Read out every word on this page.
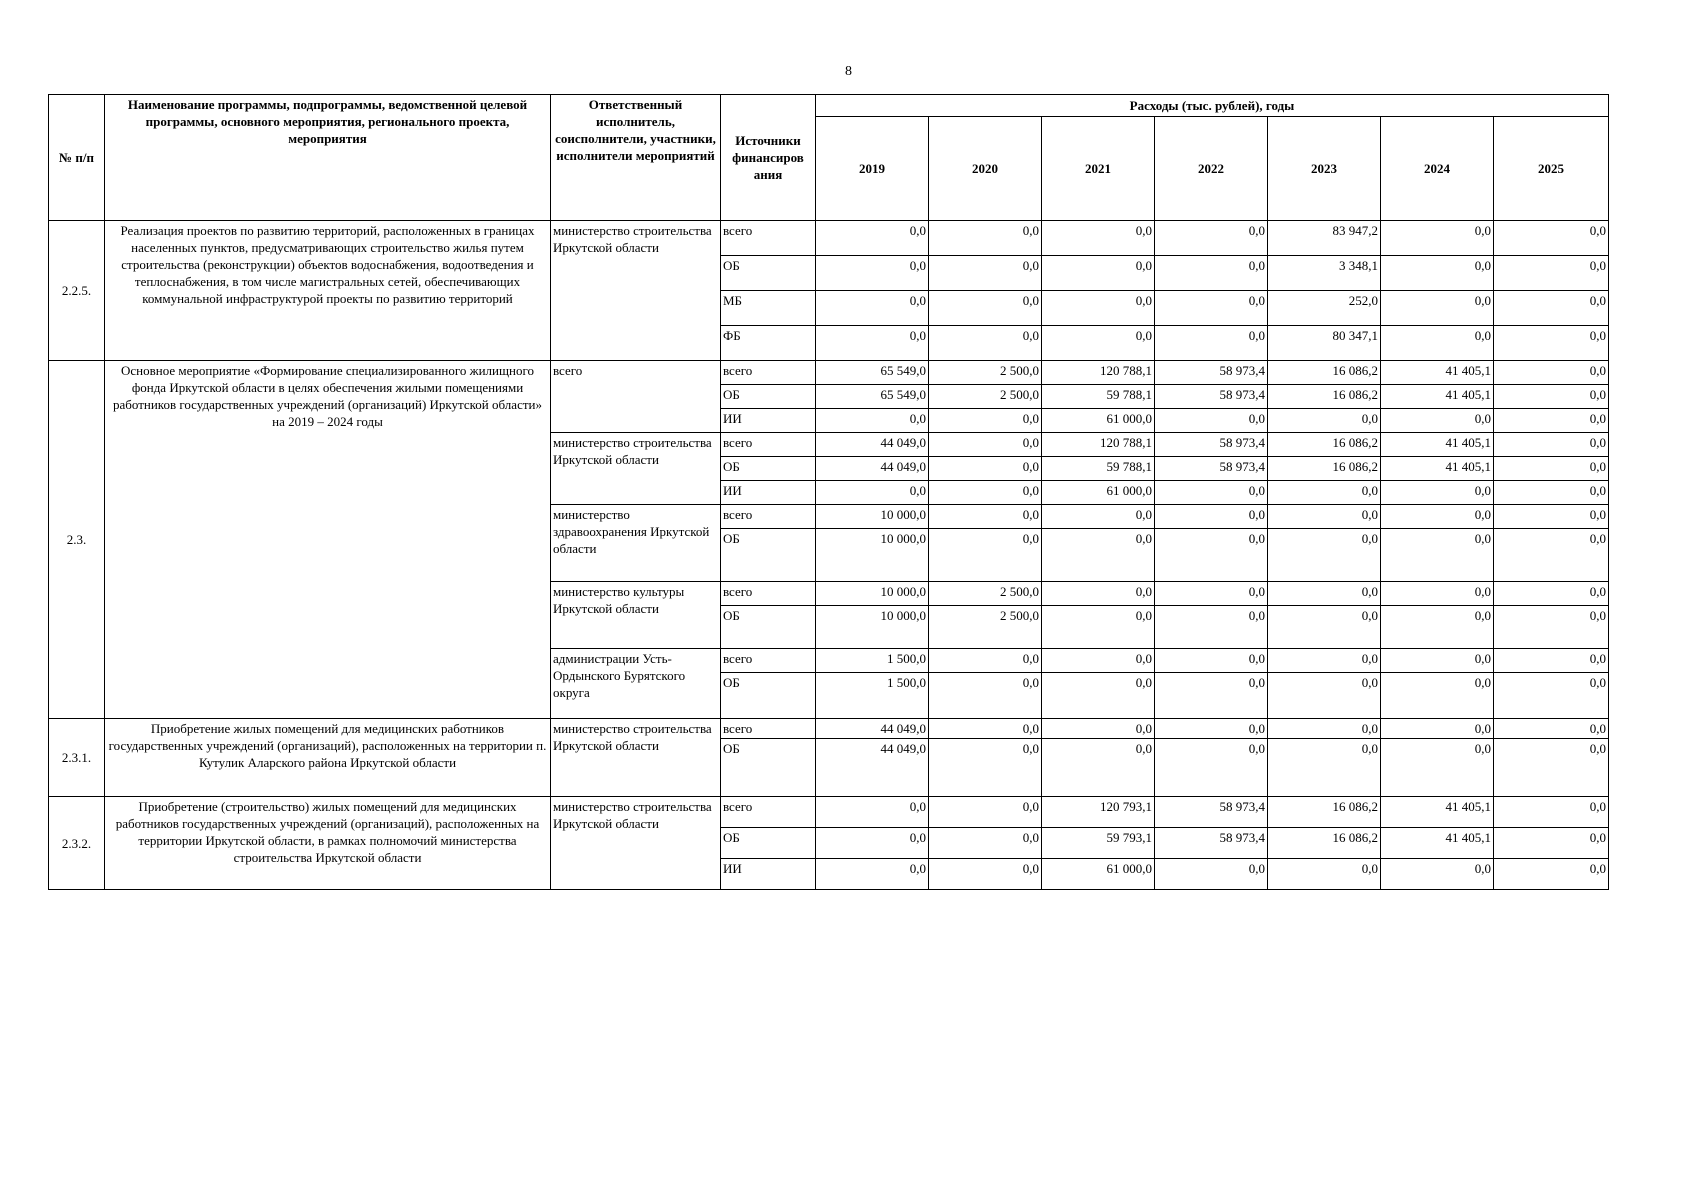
8
№ п/п	Наименование программы, подпрограммы, ведомственной целевой программы, основного мероприятия, регионального проекта, мероприятия	Ответственный исполнитель, соисполнители, участники, исполнители мероприятий	Источники финансиров ания	Расходы (тыс. рублей), годы						
				2019	2020	2021	2022	2023	2024	2025
2.2.5.	Реализация проектов по развитию территорий, расположенных в границах населенных пунктов, предусматривающих строительство жилья путем строительства (реконструкции) объектов водоснабжения, водоотведения и теплоснабжения, в том числе магистральных сетей, обеспечивающих коммунальной инфраструктурой проекты по развитию территорий	министерство строительства Иркутской области	всего	0,0	0,0	0,0	0,0	83 947,2	0,0	0,0
			ОБ	0,0	0,0	0,0	0,0	3 348,1	0,0	0,0
			МБ	0,0	0,0	0,0	0,0	252,0	0,0	0,0
			ФБ	0,0	0,0	0,0	0,0	80 347,1	0,0	0,0
2.3.	Основное мероприятие «Формирование специализированного жилищного фонда Иркутской области в целях обеспечения жилыми помещениями работников государственных учреждений (организаций) Иркутской области» на 2019 – 2024 годы	всего	всего	65 549,0	2 500,0	120 788,1	58 973,4	16 086,2	41 405,1	0,0
			ОБ	65 549,0	2 500,0	59 788,1	58 973,4	16 086,2	41 405,1	0,0
			ИИ	0,0	0,0	61 000,0	0,0	0,0	0,0	0,0
		министерство строительства Иркутской области	всего	44 049,0	0,0	120 788,1	58 973,4	16 086,2	41 405,1	0,0
			ОБ	44 049,0	0,0	59 788,1	58 973,4	16 086,2	41 405,1	0,0
			ИИ	0,0	0,0	61 000,0	0,0	0,0	0,0	0,0
		министерство здравоохранения Иркутской области	всего	10 000,0	0,0	0,0	0,0	0,0	0,0	0,0
			ОБ	10 000,0	0,0	0,0	0,0	0,0	0,0	0,0
		министерство культуры Иркутской области	всего	10 000,0	2 500,0	0,0	0,0	0,0	0,0	0,0
			ОБ	10 000,0	2 500,0	0,0	0,0	0,0	0,0	0,0
		администрации Усть-Ордынского Бурятского округа	всего	1 500,0	0,0	0,0	0,0	0,0	0,0	0,0
			ОБ	1 500,0	0,0	0,0	0,0	0,0	0,0	0,0
2.3.1.	Приобретение жилых помещений для медицинских работников государственных учреждений (организаций), расположенных на территории п. Кутулик Аларского района Иркутской области	министерство строительства Иркутской области	всего	44 049,0	0,0	0,0	0,0	0,0	0,0	0,0
			ОБ	44 049,0	0,0	0,0	0,0	0,0	0,0	0,0
2.3.2.	Приобретение (строительство) жилых помещений для медицинских работников государственных учреждений (организаций), расположенных на территории Иркутской области, в рамках полномочий министерства строительства Иркутской области	министерство строительства Иркутской области	всего	0,0	0,0	120 793,1	58 973,4	16 086,2	41 405,1	0,0
			ОБ	0,0	0,0	59 793,1	58 973,4	16 086,2	41 405,1	0,0
			ИИ	0,0	0,0	61 000,0	0,0	0,0	0,0	0,0
